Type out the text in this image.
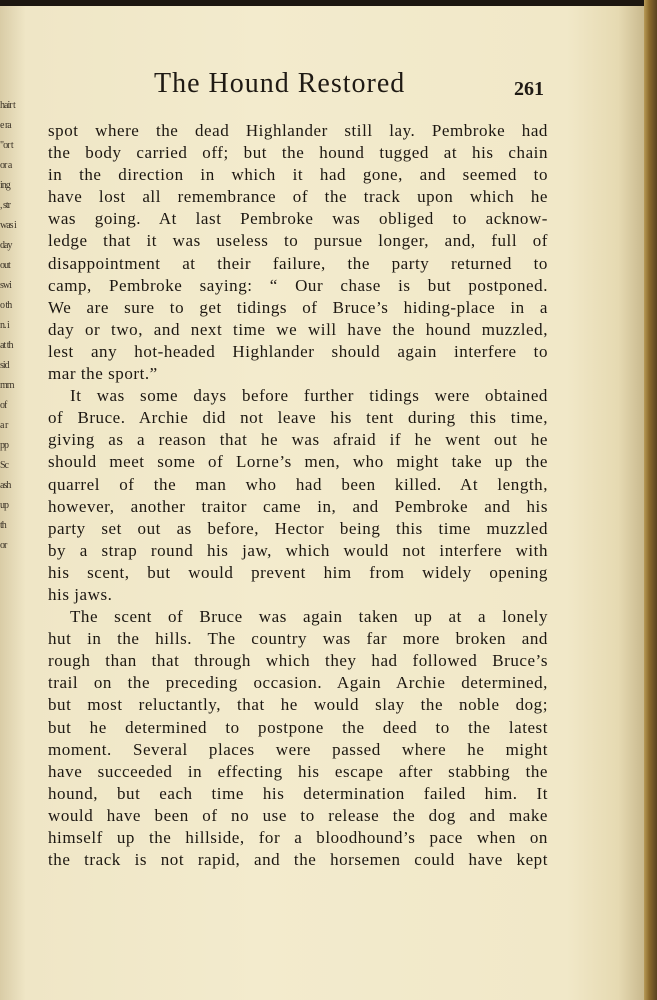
hair t
e ra
"or t
or a
ing
, str
was i
day
out
swi
o th
n. i
at th
sid
mm
of
a r
pp
Sc
ash
up
th
or
The Hound Restored	261
spot where the dead Highlander still lay. Pembroke had
the body carried off; but the hound tugged at his chain
in the direction in which it had gone, and seemed to
have lost all remembrance of the track upon which he
was going. At last Pembroke was obliged to acknow-
ledge that it was useless to pursue longer, and, full of
disappointment at their failure, the party returned to
camp, Pembroke saying: “ Our chase is but postponed.
We are sure to get tidings of Bruce’s hiding-place in a
day or two, and next time we will have the hound muzzled,
lest any hot-headed Highlander should again interfere to
mar the sport.”
It was some days before further tidings were obtained
of Bruce. Archie did not leave his tent during this time,
giving as a reason that he was afraid if he went out he
should meet some of Lorne’s men, who might take up the
quarrel of the man who had been killed. At length,
however, another traitor came in, and Pembroke and his
party set out as before, Hector being this time muzzled
by a strap round his jaw, which would not interfere with
his scent, but would prevent him from widely opening
his jaws.
The scent of Bruce was again taken up at a lonely
hut in the hills. The country was far more broken and
rough than that through which they had followed Bruce’s
trail on the preceding occasion. Again Archie determined,
but most reluctantly, that he would slay the noble dog;
but he determined to postpone the deed to the latest
moment. Several places were passed where he might
have succeeded in effecting his escape after stabbing the
hound, but each time his determination failed him. It
would have been of no use to release the dog and make
himself up the hillside, for a bloodhound’s pace when on
the track is not rapid, and the horsemen could have kept
